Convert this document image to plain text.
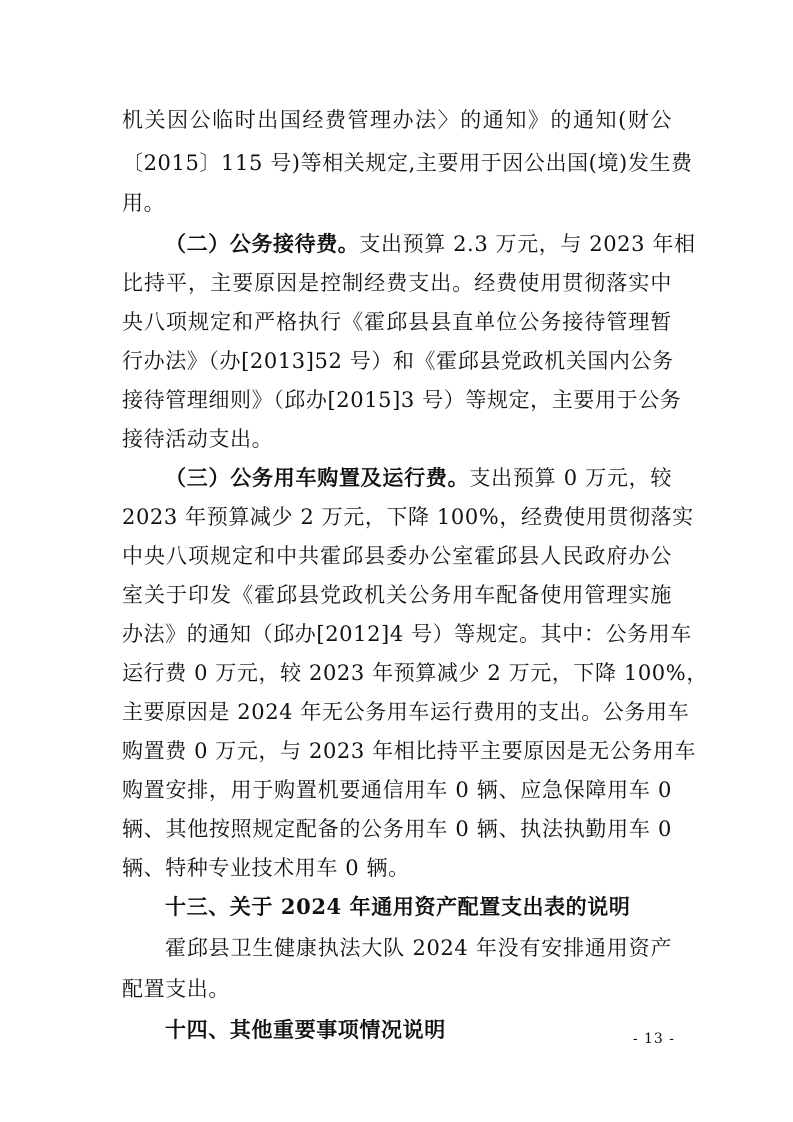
机关因公临时出国经费管理办法〉的通知》的通知(财公
〔2015〕115 号)等相关规定,主要用于因公出国(境)发生费
用。
（二）公务接待费。支出预算 2.3 万元，与 2023 年相
比持平，主要原因是控制经费支出。经费使用贯彻落实中
央八项规定和严格执行《霍邱县县直单位公务接待管理暂
行办法》（办[2013]52 号）和《霍邱县党政机关国内公务
接待管理细则》（邱办[2015]3 号）等规定，主要用于公务
接待活动支出。
（三）公务用车购置及运行费。支出预算 0 万元，较
2023 年预算减少 2 万元，下降 100%，经费使用贯彻落实
中央八项规定和中共霍邱县委办公室霍邱县人民政府办公
室关于印发《霍邱县党政机关公务用车配备使用管理实施
办法》的通知（邱办[2012]4 号）等规定。其中：公务用车
运行费 0 万元，较 2023 年预算减少 2 万元，下降 100%，
主要原因是 2024 年无公务用车运行费用的支出。公务用车
购置费 0 万元，与 2023 年相比持平主要原因是无公务用车
购置安排，用于购置机要通信用车 0 辆、应急保障用车 0
辆、其他按照规定配备的公务用车 0 辆、执法执勤用车 0
辆、特种专业技术用车 0 辆。
十三、关于 2024 年通用资产配置支出表的说明
霍邱县卫生健康执法大队 2024 年没有安排通用资产
配置支出。
十四、其他重要事项情况说明	- 13 -
